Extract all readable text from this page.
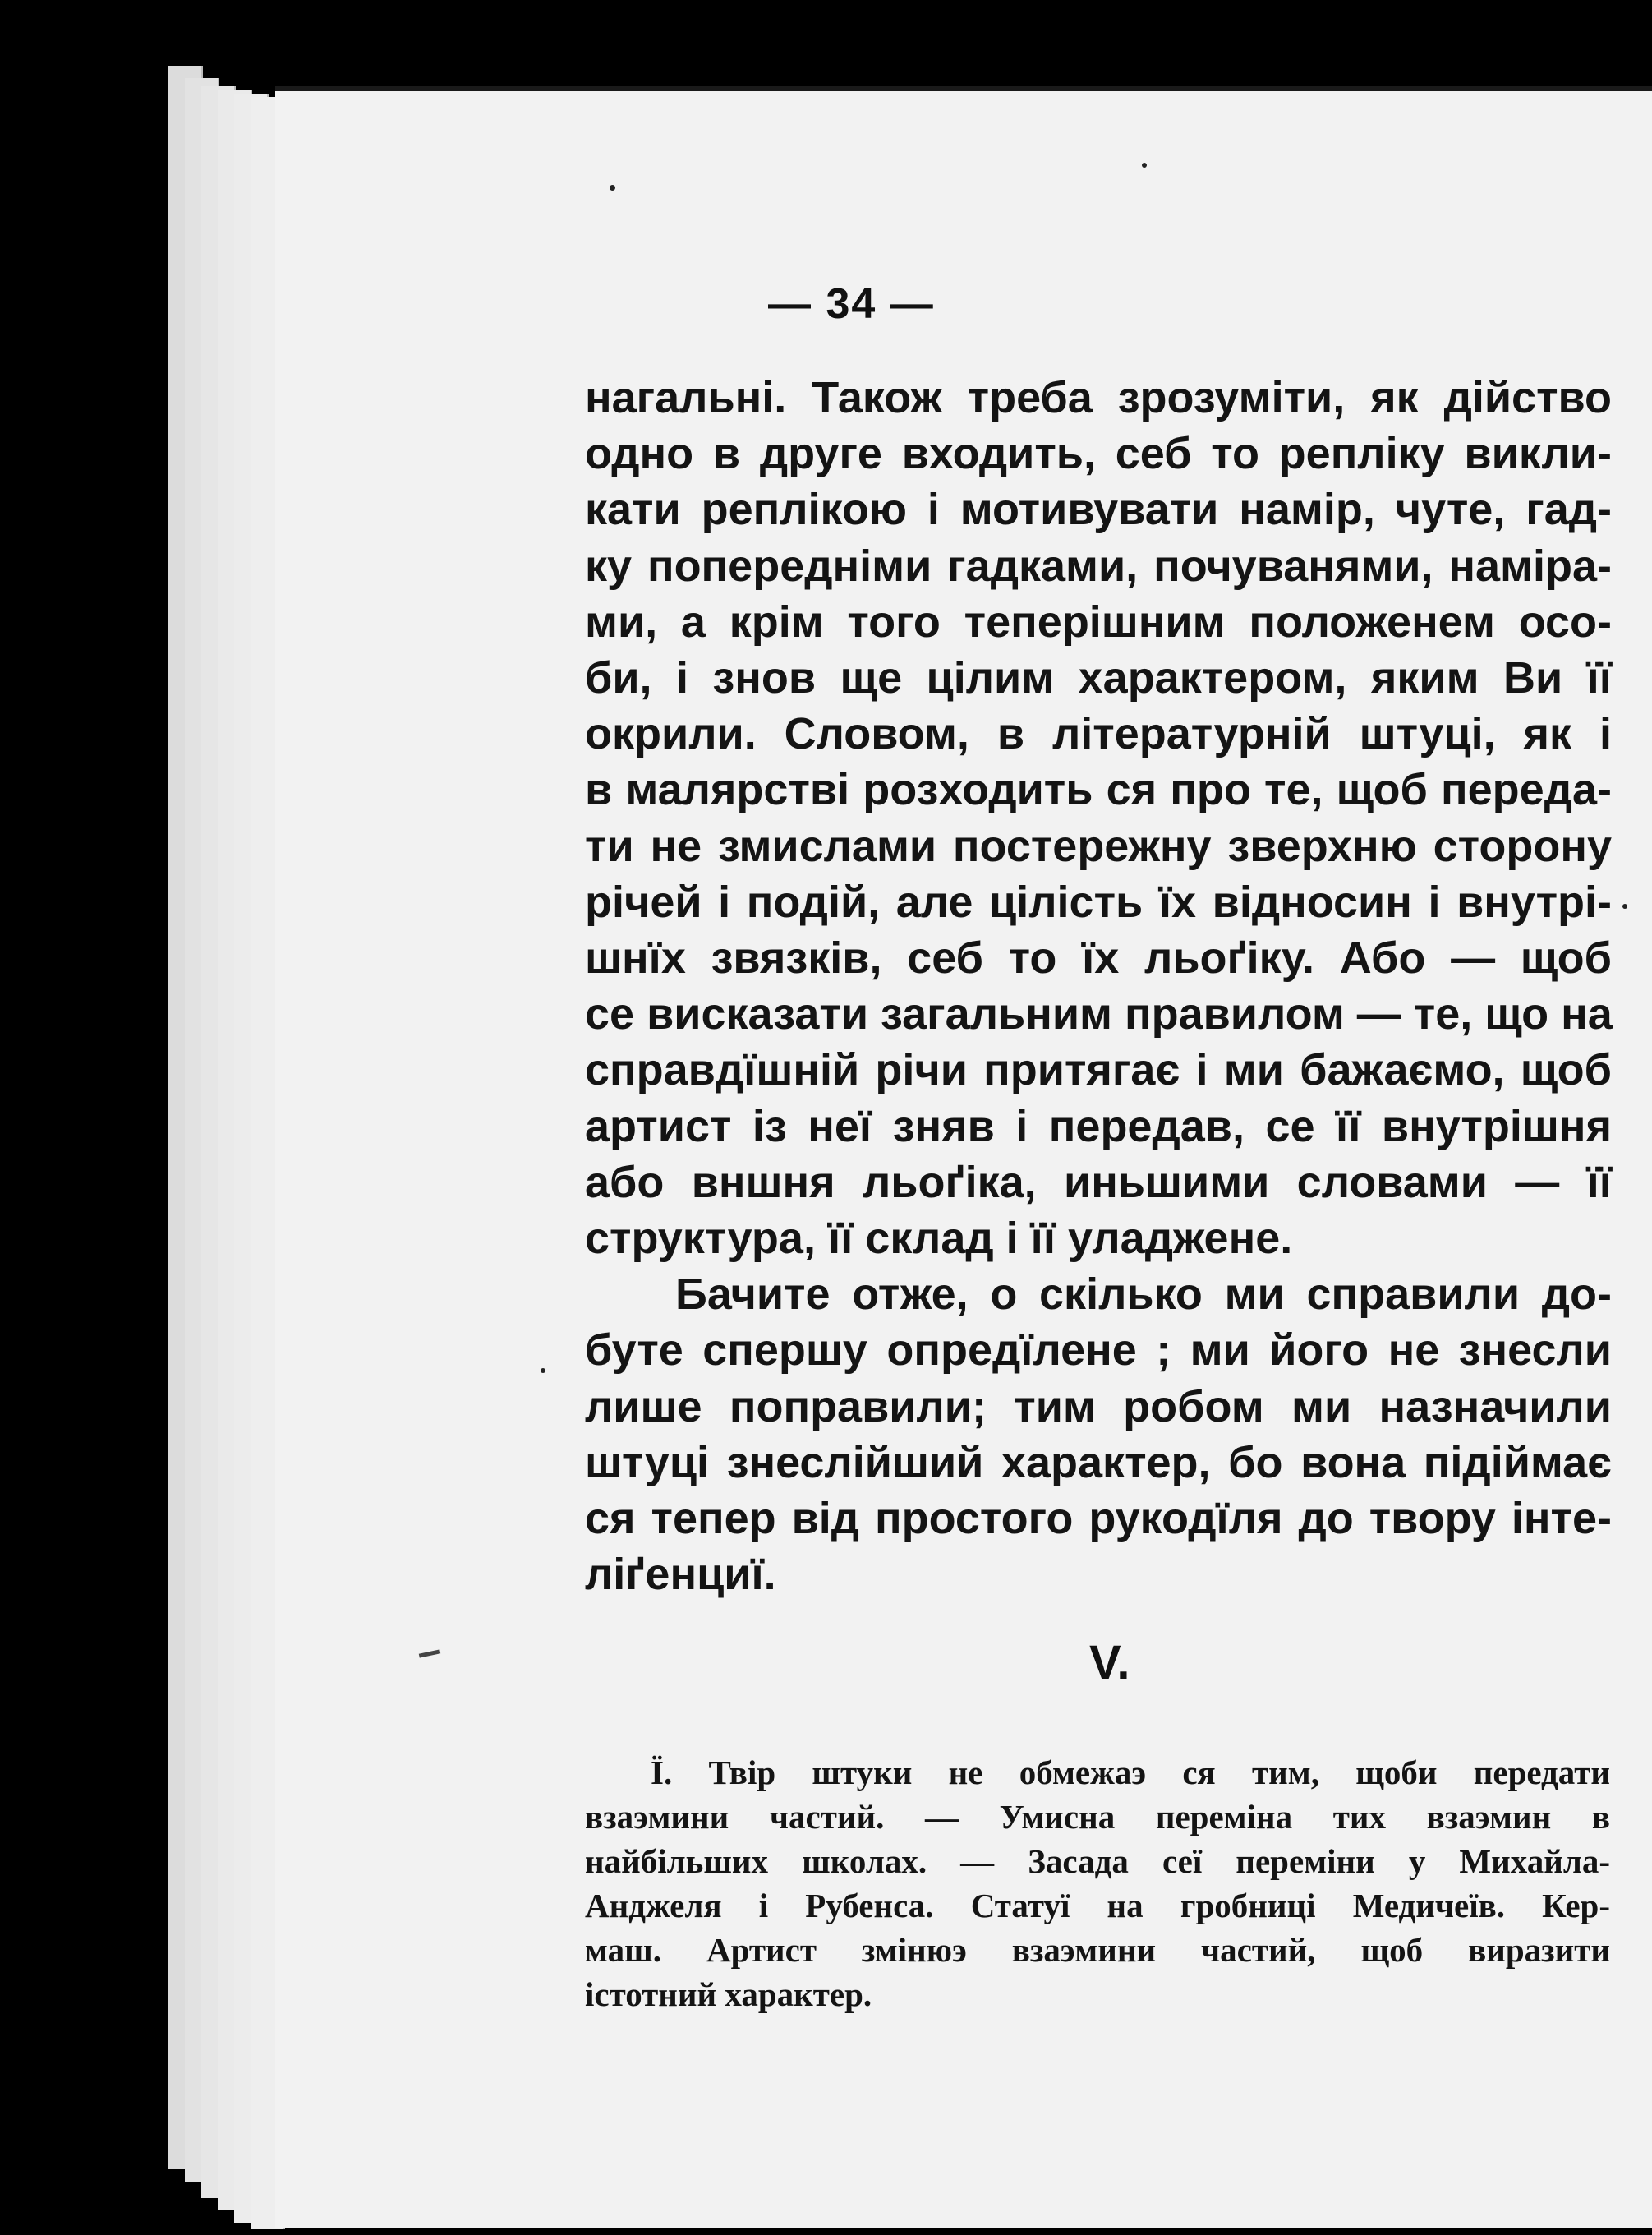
— 34 —
нагальні. Також треба зрозуміти, як дійство
одно в друге входить, себ то репліку викли-
кати реплікою і мотивувати намір, чуте, гад-
ку попередніми гадками, почуванями, наміра-
ми, а крім того теперішним положенем осо-
би, і знов ще цілим характером, яким Ви її
окрили. Словом, в літературній штуці, як і
в малярстві розходить ся про те, щоб переда-
ти не змислами постережну зверхню сторону
річей і подій, але цілість їх відносин і внутрі-
шнїх звязків, себ то їх льоґіку. Або — щоб
се висказати загальним правилом — те, що на
справдїшній річи притягає і ми бажаємо, щоб
артист із неї зняв і передав, се її внутрішня
або вншня льоґіка, иньшими словами — її
структура, її склад і її уладжене.
Бачите отже, о скілько ми справили до-
буте спершу опредїлене ; ми його не знесли
лише поправили; тим робом ми назначили
штуці знеслійший характер, бо вона підіймає
ся тепер від простого рукодїля до твору інте-
ліґенциї.
V.
Ї. Твір штуки не обмежаэ ся тим, щоби передати
взаэмини частий. — Умисна переміна тих взаэмин в
найбільших школах. — Засада сеї переміни у Михайла-
Анджеля і Рубенса. Статуї на гробниці Медичеїв. Кер-
маш. Артист змінюэ взаэмини частий, щоб виразити
істотний характер.
